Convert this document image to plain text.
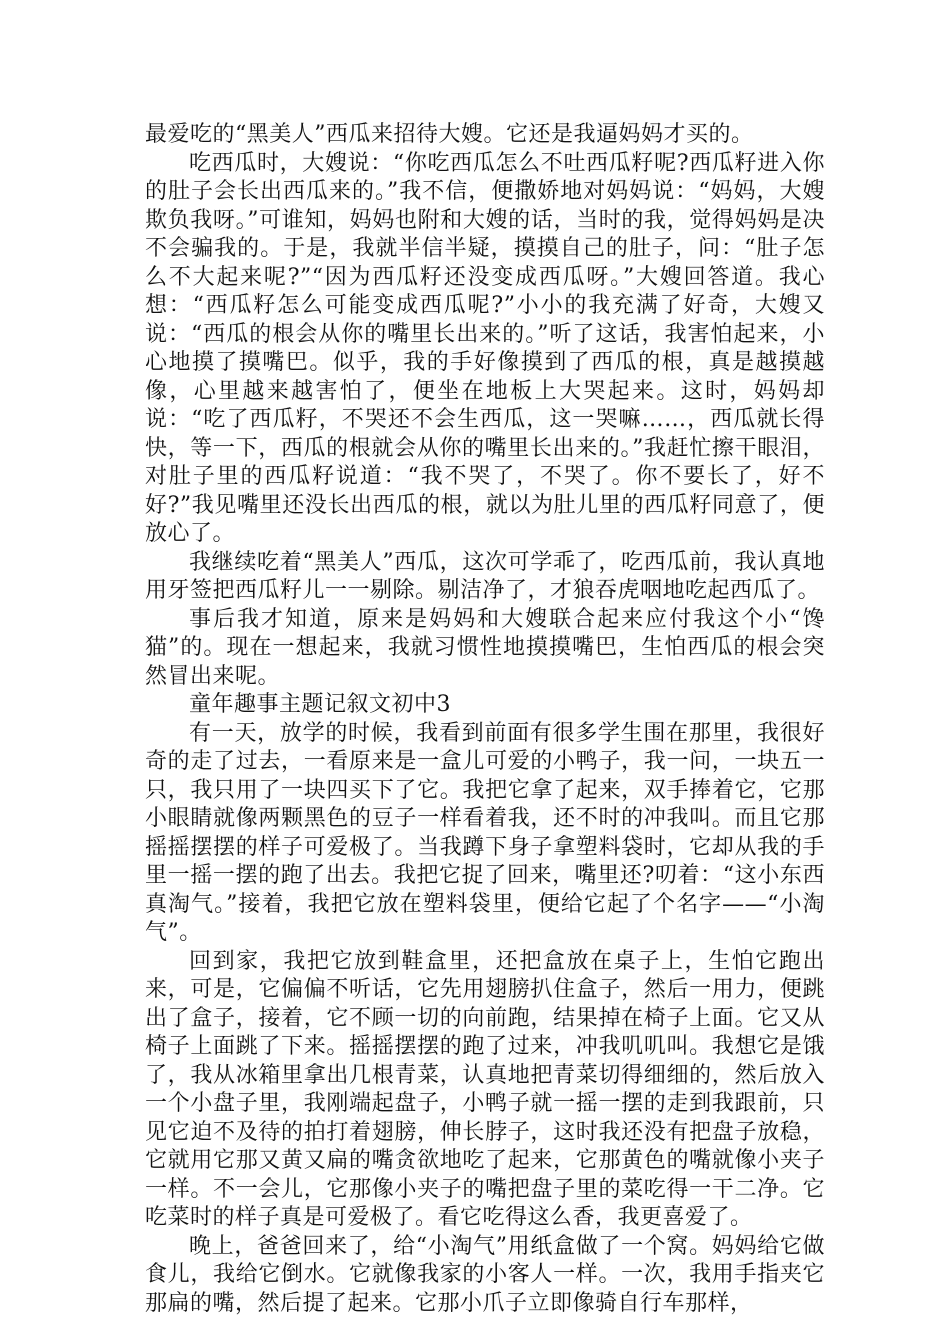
最爱吃的“黑美人”西瓜来招待大嫂。它还是我逼妈妈才买的。

吃西瓜时，大嫂说：“你吃西瓜怎么不吐西瓜籽呢?西瓜籽进入你的肚子会长出西瓜来的。”我不信，便撒娇地对妈妈说：“妈妈，大嫂欺负我呀。”可谁知，妈妈也附和大嫂的话，当时的我，觉得妈妈是决不会骗我的。于是，我就半信半疑，摸摸自己的肚子，问：“肚子怎么不大起来呢?”“因为西瓜籽还没变成西瓜呀。”大嫂回答道。我心想：“西瓜籽怎么可能变成西瓜呢?”小小的我充满了好奇，大嫂又说：“西瓜的根会从你的嘴里长出来的。”听了这话，我害怕起来，小心地摸了摸嘴巴。似乎，我的手好像摸到了西瓜的根，真是越摸越像，心里越来越害怕了，便坐在地板上大哭起来。这时，妈妈却说：“吃了西瓜籽，不哭还不会生西瓜，这一哭嘛……，西瓜就长得快，等一下，西瓜的根就会从你的嘴里长出来的。”我赶忙擦干眼泪，对肚子里的西瓜籽说道：“我不哭了，不哭了。你不要长了，好不好?”我见嘴里还没长出西瓜的根，就以为肚儿里的西瓜籽同意了，便放心了。

我继续吃着“黑美人”西瓜，这次可学乖了，吃西瓜前，我认真地用牙签把西瓜籽儿一一剔除。剔洁净了，才狼吞虎咽地吃起西瓜了。

事后我才知道，原来是妈妈和大嫂联合起来应付我这个小“馋猫”的。现在一想起来，我就习惯性地摸摸嘴巴，生怕西瓜的根会突然冒出来呢。

童年趣事主题记叙文初中3

有一天，放学的时候，我看到前面有很多学生围在那里，我很好奇的走了过去，一看原来是一盒儿可爱的小鸭子，我一问，一块五一只，我只用了一块四买下了它。我把它拿了起来，双手捧着它，它那小眼睛就像两颗黑色的豆子一样看着我，还不时的冲我叫。而且它那摇摇摆摆的样子可爱极了。当我蹲下身子拿塑料袋时，它却从我的手里一摇一摆的跑了出去。我把它捉了回来，嘴里还?叨着：“这小东西真淘气。”接着，我把它放在塑料袋里，便给它起了个名字——“小淘气”。

回到家，我把它放到鞋盒里，还把盒放在桌子上，生怕它跑出来，可是，它偏偏不听话，它先用翅膀扒住盒子，然后一用力，便跳出了盒子，接着，它不顾一切的向前跑，结果掉在椅子上面。它又从椅子上面跳了下来。摇摇摆摆的跑了过来，冲我叽叽叫。我想它是饿了，我从冰箱里拿出几根青菜，认真地把青菜切得细细的，然后放入一个小盘子里，我刚端起盘子，小鸭子就一摇一摆的走到我跟前，只见它迫不及待的拍打着翅膀，伸长脖子，这时我还没有把盘子放稳，它就用它那又黄又扁的嘴贪欲地吃了起来，它那黄色的嘴就像小夹子一样。不一会儿，它那像小夹子的嘴把盘子里的菜吃得一干二净。它吃菜时的样子真是可爱极了。看它吃得这么香，我更喜爱了。

晚上，爸爸回来了，给“小淘气”用纸盒做了一个窝。妈妈给它做食儿，我给它倒水。它就像我家的小客人一样。一次，我用手指夹它那扁的嘴，然后提了起来。它那小爪子立即像骑自行车那样，
